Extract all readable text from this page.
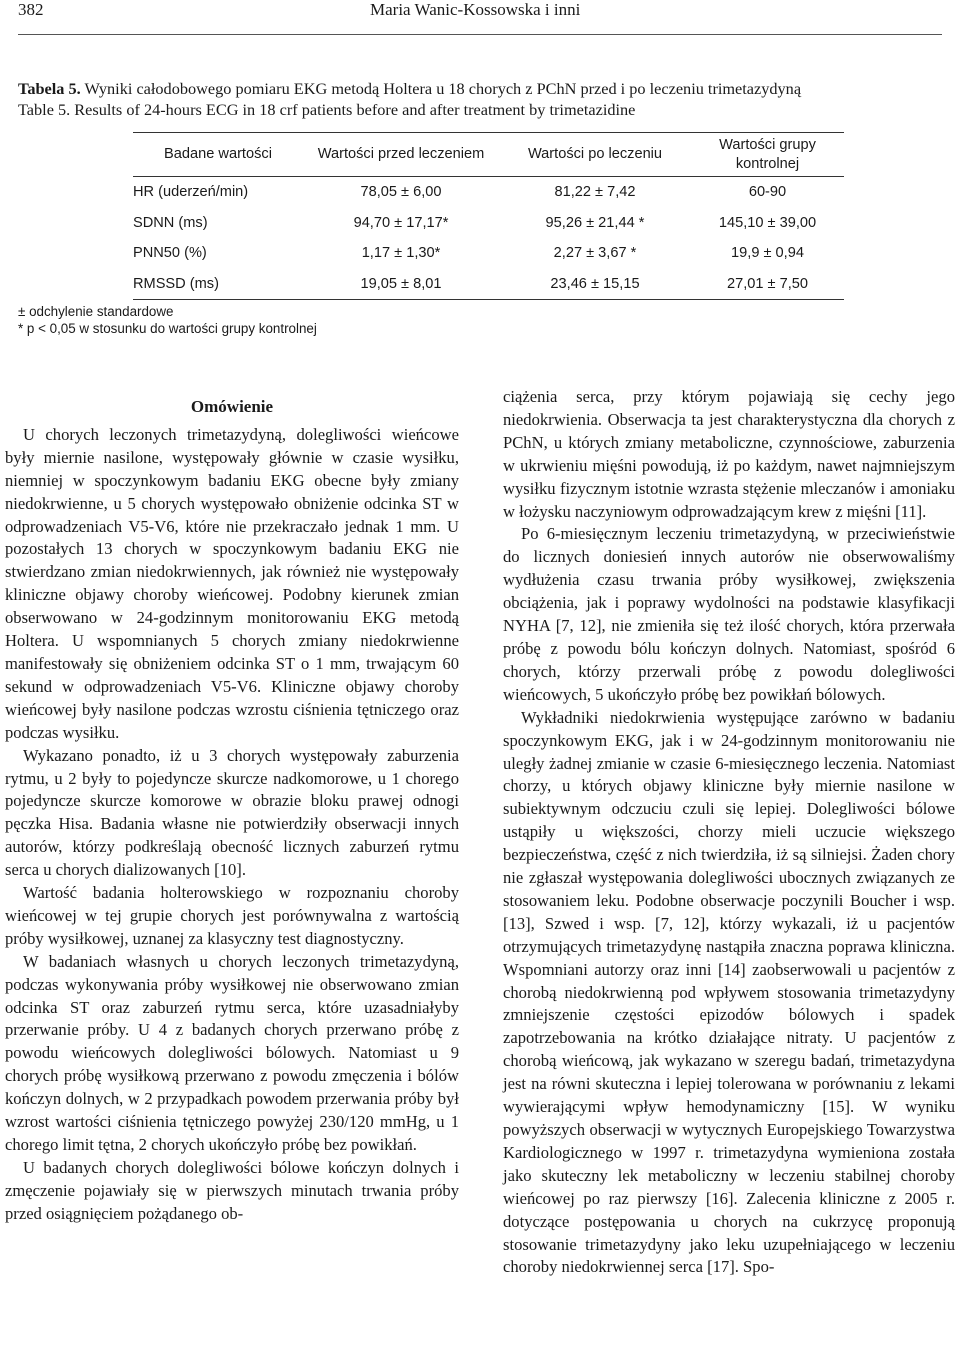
382	Maria Wanic-Kossowska i inni
Tabela 5. Wyniki całodobowego pomiaru EKG metodą Holtera u 18 chorych z PChN przed i po leczeniu trimetazydyną
Table 5. Results of 24-hours ECG in 18 crf patients before and after treatment by trimetazidine
Badane wartości	Wartości przed leczeniem	Wartości po leczeniu	Wartości grupy kontrolnej
HR (uderzeń/min)	78,05 ± 6,00	81,22 ± 7,42	60-90
SDNN (ms)	94,70 ± 17,17*	95,26 ± 21,44 *	145,10 ± 39,00
PNN50 (%)	1,17 ± 1,30*	2,27 ± 3,67 *	19,9 ± 0,94
RMSSD (ms)	19,05 ± 8,01	23,46 ± 15,15	27,01 ± 7,50
± odchylenie standardowe
* p < 0,05 w stosunku do wartości grupy kontrolnej
Omówienie

U chorych leczonych trimetazydyną, dolegliwości wieńcowe były miernie nasilone, występowały głównie w czasie wysiłku, niemniej w spoczynkowym badaniu EKG obecne były zmiany niedokrwienne, u 5 chorych występowało obniżenie odcinka ST w odprowadzeniach V5-V6, które nie przekraczało jednak 1 mm. U pozostałych 13 chorych w spoczynkowym badaniu EKG nie stwierdzano zmian niedokrwiennych, jak również nie występowały kliniczne objawy choroby wieńcowej. Podobny kierunek zmian obserwowano w 24-godzinnym monitorowaniu EKG metodą Holtera. U wspomnianych 5 chorych zmiany niedokrwienne manifestowały się obniżeniem odcinka ST o 1 mm, trwającym 60 sekund w odprowadzeniach V5-V6. Kliniczne objawy choroby wieńcowej były nasilone podczas wzrostu ciśnienia tętniczego oraz podczas wysiłku.

Wykazano ponadto, iż u 3 chorych występowały zaburzenia rytmu, u 2 były to pojedyncze skurcze nadkomorowe, u 1 chorego pojedyncze skurcze komorowe w obrazie bloku prawej odnogi pęczka Hisa. Badania własne nie potwierdziły obserwacji innych autorów, którzy podkreślają obecność licznych zaburzeń rytmu serca u chorych dializowanych [10].

Wartość badania holterowskiego w rozpoznaniu choroby wieńcowej w tej grupie chorych jest porównywalna z wartością próby wysiłkowej, uznanej za klasyczny test diagnostyczny.

W badaniach własnych u chorych leczonych trimetazydyną, podczas wykonywania próby wysiłkowej nie obserwowano zmian odcinka ST oraz zaburzeń rytmu serca, które uzasadniałyby przerwanie próby. U 4 z badanych chorych przerwano próbę z powodu wieńcowych dolegliwości bólowych. Natomiast u 9 chorych próbę wysiłkową przerwano z powodu zmęczenia i bólów kończyn dolnych, w 2 przypadkach powodem przerwania próby był wzrost wartości ciśnienia tętniczego powyżej 230/120 mmHg, u 1 chorego limit tętna, 2 chorych ukończyło próbę bez powikłań.

U badanych chorych dolegliwości bólowe kończyn dolnych i zmęczenie pojawiały się w pierwszych minutach trwania próby przed osiągnięciem pożądanego ob-

ciążenia serca, przy którym pojawiają się cechy jego niedokrwienia. Obserwacja ta jest charakterystyczna dla chorych z PChN, u których zmiany metaboliczne, czynnościowe, zaburzenia w ukrwieniu mięśni powodują, iż po każdym, nawet najmniejszym wysiłku fizycznym istotnie wzrasta stężenie mleczanów i amoniaku w łożysku naczyniowym odprowadzającym krew z mięśni [11].

Po 6-miesięcznym leczeniu trimetazydyną, w przeciwieństwie do licznych doniesień innych autorów nie obserwowaliśmy wydłużenia czasu trwania próby wysiłkowej, zwiększenia obciążenia, jak i poprawy wydolności na podstawie klasyfikacji NYHA [7, 12], nie zmieniła się też ilość chorych, która przerwała próbę z powodu bólu kończyn dolnych. Natomiast, spośród 6 chorych, którzy przerwali próbę z powodu dolegliwości wieńcowych, 5 ukończyło próbę bez powikłań bólowych.

Wykładniki niedokrwienia występujące zarówno w badaniu spoczynkowym EKG, jak i w 24-godzinnym monitorowaniu nie uległy żadnej zmianie w czasie 6-miesięcznego leczenia. Natomiast chorzy, u których objawy kliniczne były miernie nasilone w subiektywnym odczuciu czuli się lepiej. Dolegliwości bólowe ustąpiły u większości, chorzy mieli uczucie większego bezpieczeństwa, część z nich twierdziła, iż są silniejsi. Żaden chory nie zgłaszał występowania dolegliwości ubocznych związanych ze stosowaniem leku. Podobne obserwacje poczynili Boucher i wsp. [13], Szwed i wsp. [7, 12], którzy wykazali, iż u pacjentów otrzymujących trimetazydynę nastąpiła znaczna poprawa kliniczna. Wspomniani autorzy oraz inni [14] zaobserwowali u pacjentów z chorobą niedokrwienną pod wpływem stosowania trimetazydyny zmniejszenie częstości epizodów bólowych i spadek zapotrzebowania na krótko działające nitraty. U pacjentów z chorobą wieńcową, jak wykazano w szeregu badań, trimetazydyna jest na równi skuteczna i lepiej tolerowana w porównaniu z lekami wywierającymi wpływ hemodynamiczny [15]. W wyniku powyższych obserwacji w wytycznych Europejskiego Towarzystwa Kardiologicznego w 1997 r. trimetazydyna wymieniona została jako skuteczny lek metaboliczny w leczeniu stabilnej choroby wieńcowej po raz pierwszy [16]. Zalecenia kliniczne z 2005 r. dotyczące postępowania u chorych na cukrzycę proponują stosowanie trimetazydyny jako leku uzupełniającego w leczeniu choroby niedokrwiennej serca [17]. Spo-
